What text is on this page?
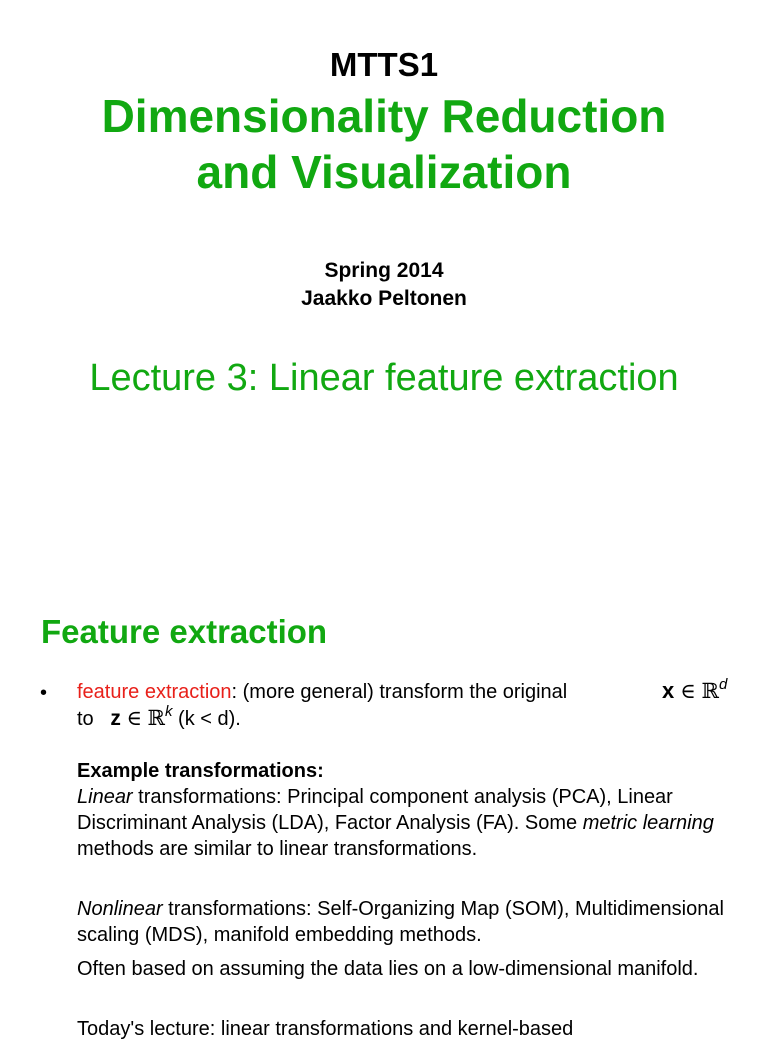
MTTS1
Dimensionality Reduction
and Visualization
Spring 2014
Jaakko Peltonen
Lecture 3: Linear feature extraction
Feature extraction
• feature extraction: (more general) transform the original	x ∈ ℝ$^d$
to z ∈ ℝ$^k$ (k < d).
Example transformations:
Linear transformations: Principal component analysis (PCA), Linear Discriminant Analysis (LDA), Factor Analysis (FA). Some metric learning methods are similar to linear transformations.
Nonlinear transformations: Self-Organizing Map (SOM), Multidimensional scaling (MDS), manifold embedding methods.
Often based on assuming the data lies on a low-dimensional manifold.
Today's lecture: linear transformations and kernel-based
